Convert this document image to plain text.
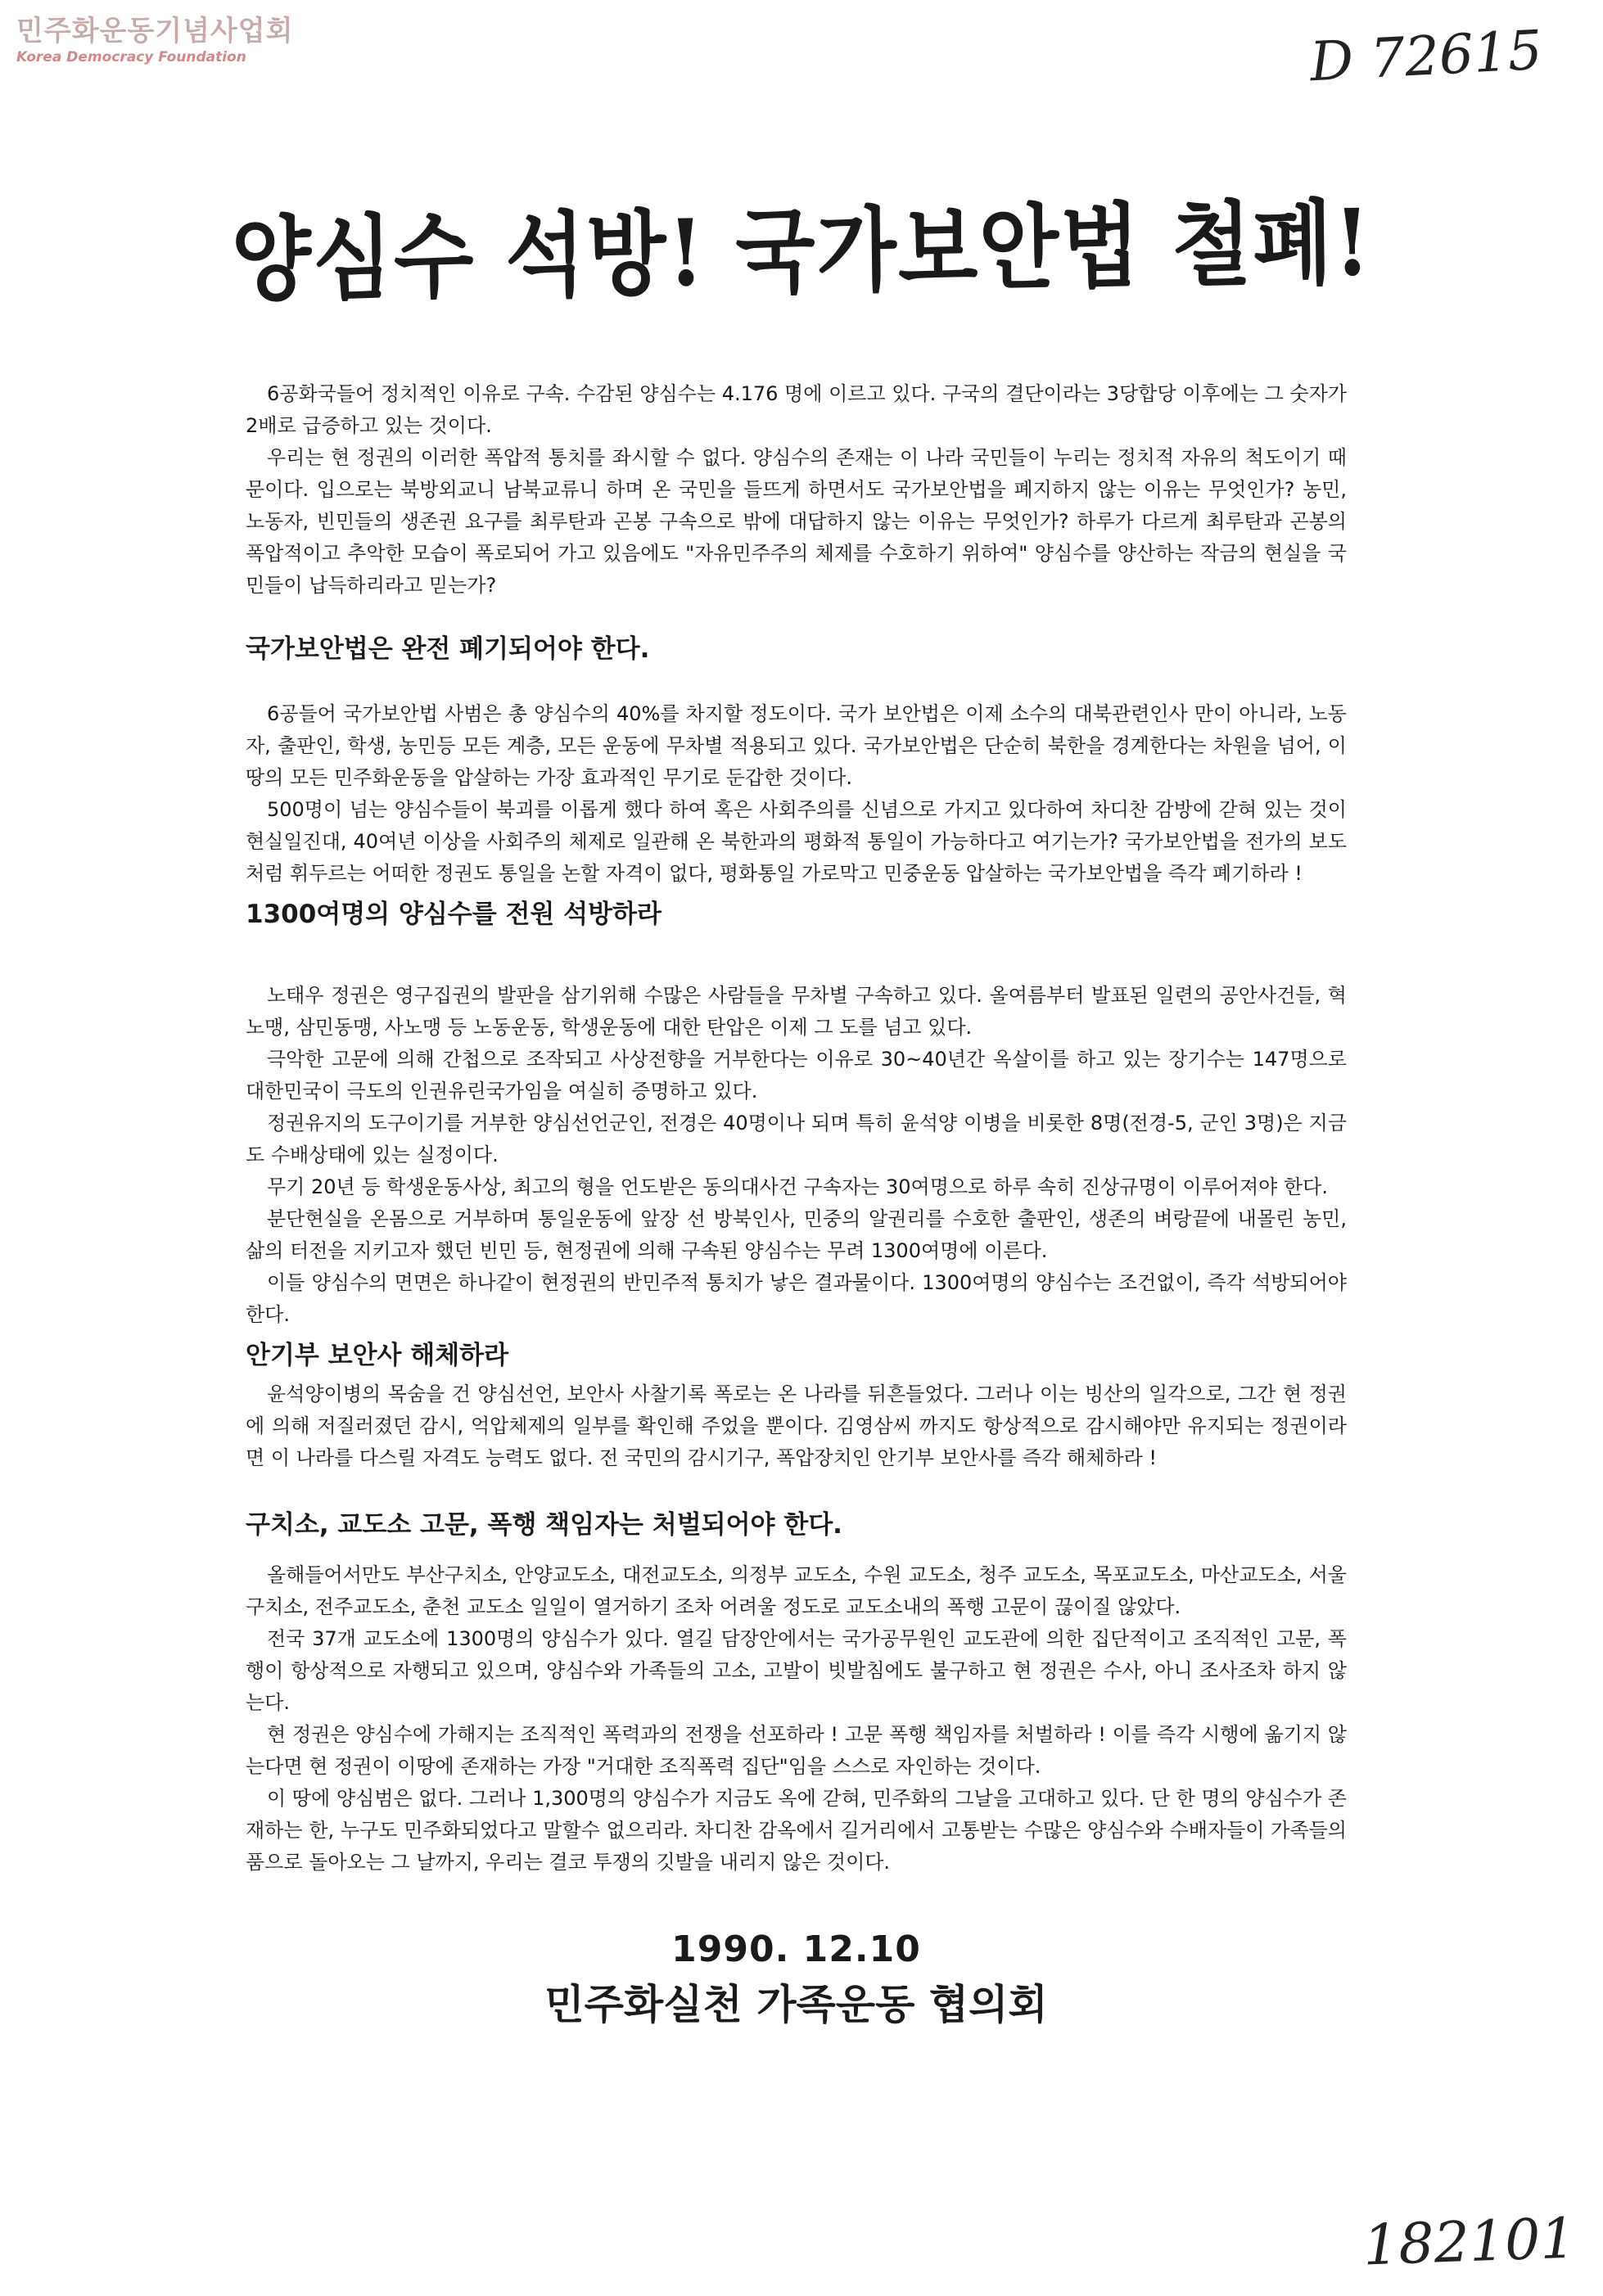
민주화운동기념사업회
Korea Democracy Foundation	D 72615
양심수 석방! 국가보안법 철폐!

6공화국들어 정치적인 이유로 구속. 수감된 양심수는 4.176 명에 이르고 있다. 구국의 결단이라는 3당합당 이후에는 그 숫자가 2배로 급증하고 있는 것이다.

우리는 현 정권의 이러한 폭압적 통치를 좌시할 수 없다. 양심수의 존재는 이 나라 국민들이 누리는 정치적 자유의 척도이기 때문이다. 입으로는 북방외교니 남북교류니 하며 온 국민을 들뜨게 하면서도 국가보안법을 폐지하지 않는 이유는 무엇인가? 농민, 노동자, 빈민들의 생존권 요구를 최루탄과 곤봉 구속으로 밖에 대답하지 않는 이유는 무엇인가? 하루가 다르게 최루탄과 곤봉의 폭압적이고 추악한 모습이 폭로되어 가고 있음에도 "자유민주주의 체제를 수호하기 위하여" 양심수를 양산하는 작금의 현실을 국민들이 납득하리라고 믿는가?

국가보안법은 완전 폐기되어야 한다.

6공들어 국가보안법 사범은 총 양심수의 40%를 차지할 정도이다. 국가 보안법은 이제 소수의 대북관련인사 만이 아니라, 노동자, 출판인, 학생, 농민등 모든 계층, 모든 운동에 무차별 적용되고 있다. 국가보안법은 단순히 북한을 경계한다는 차원을 넘어, 이 땅의 모든 민주화운동을 압살하는 가장 효과적인 무기로 둔갑한 것이다.

500명이 넘는 양심수들이 북괴를 이롭게 했다 하여 혹은 사회주의를 신념으로 가지고 있다하여 차디찬 감방에 갇혀 있는 것이 현실일진대, 40여년 이상을 사회주의 체제로 일관해 온 북한과의 평화적 통일이 가능하다고 여기는가? 국가보안법을 전가의 보도처럼 휘두르는 어떠한 정권도 통일을 논할 자격이 없다, 평화통일 가로막고 민중운동 압살하는 국가보안법을 즉각 폐기하라 !

1300여명의 양심수를 전원 석방하라

노태우 정권은 영구집권의 발판을 삼기위해 수많은 사람들을 무차별 구속하고 있다. 올여름부터 발표된 일련의 공안사건들, 혁노맹, 삼민동맹, 사노맹 등 노동운동, 학생운동에 대한 탄압은 이제 그 도를 넘고 있다.

극악한 고문에 의해 간첩으로 조작되고 사상전향을 거부한다는 이유로 30~40년간 옥살이를 하고 있는 장기수는 147명으로 대한민국이 극도의 인권유린국가임을 여실히 증명하고 있다.

정권유지의 도구이기를 거부한 양심선언군인, 전경은 40명이나 되며 특히 윤석양 이병을 비롯한 8명(전경-5, 군인 3명)은 지금도 수배상태에 있는 실정이다.

무기 20년 등 학생운동사상, 최고의 형을 언도받은 동의대사건 구속자는 30여명으로 하루 속히 진상규명이 이루어져야 한다.

분단현실을 온몸으로 거부하며 통일운동에 앞장 선 방북인사, 민중의 알권리를 수호한 출판인, 생존의 벼랑끝에 내몰린 농민, 삶의 터전을 지키고자 했던 빈민 등, 현정권에 의해 구속된 양심수는 무려 1300여명에 이른다.

이들 양심수의 면면은 하나같이 현정권의 반민주적 통치가 낳은 결과물이다. 1300여명의 양심수는 조건없이, 즉각 석방되어야 한다.

안기부 보안사 해체하라

윤석양이병의 목숨을 건 양심선언, 보안사 사찰기록 폭로는 온 나라를 뒤흔들었다. 그러나 이는 빙산의 일각으로, 그간 현 정권에 의해 저질러졌던 감시, 억압체제의 일부를 확인해 주었을 뿐이다. 김영삼씨 까지도 항상적으로 감시해야만 유지되는 정권이라면 이 나라를 다스릴 자격도 능력도 없다. 전 국민의 감시기구, 폭압장치인 안기부 보안사를 즉각 해체하라 !

구치소, 교도소 고문, 폭행 책임자는 처벌되어야 한다.

올해들어서만도 부산구치소, 안양교도소, 대전교도소, 의정부 교도소, 수원 교도소, 청주 교도소, 목포교도소, 마산교도소, 서울구치소, 전주교도소, 춘천 교도소 일일이 열거하기 조차 어려울 정도로 교도소내의 폭행 고문이 끊이질 않았다.

전국 37개 교도소에 1300명의 양심수가 있다. 열길 담장안에서는 국가공무원인 교도관에 의한 집단적이고 조직적인 고문, 폭행이 항상적으로 자행되고 있으며, 양심수와 가족들의 고소, 고발이 빗발침에도 불구하고 현 정권은 수사, 아니 조사조차 하지 않는다.

현 정권은 양심수에 가해지는 조직적인 폭력과의 전쟁을 선포하라 ! 고문 폭행 책임자를 처벌하라 ! 이를 즉각 시행에 옮기지 않는다면 현 정권이 이땅에 존재하는 가장 "거대한 조직폭력 집단"임을 스스로 자인하는 것이다.

이 땅에 양심범은 없다. 그러나 1,300명의 양심수가 지금도 옥에 갇혀, 민주화의 그날을 고대하고 있다. 단 한 명의 양심수가 존재하는 한, 누구도 민주화되었다고 말할수 없으리라. 차디찬 감옥에서 길거리에서 고통받는 수많은 양심수와 수배자들이 가족들의 품으로 돌아오는 그 날까지, 우리는 결코 투쟁의 깃발을 내리지 않은 것이다.

1990. 12.10
민주화실천 가족운동 협의회
182101
